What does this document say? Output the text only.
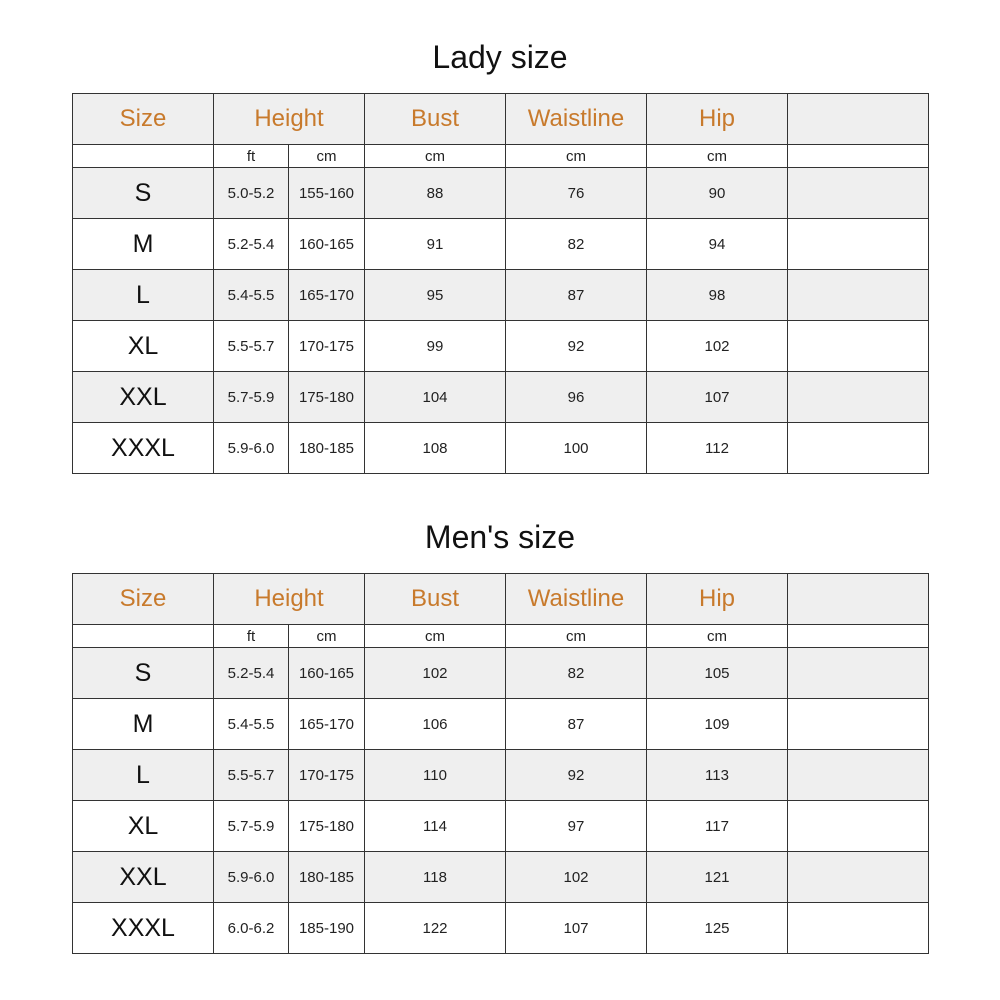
Lady size
Size	Height		Bust	Waistline	Hip	
	ft	cm	cm	cm	cm	
S	5.0-5.2	155-160	88	76	90	
M	5.2-5.4	160-165	91	82	94	
L	5.4-5.5	165-170	95	87	98	
XL	5.5-5.7	170-175	99	92	102	
XXL	5.7-5.9	175-180	104	96	107	
XXXL	5.9-6.0	180-185	108	100	112	
Men's size
Size	Height		Bust	Waistline	Hip	
	ft	cm	cm	cm	cm	
S	5.2-5.4	160-165	102	82	105	
M	5.4-5.5	165-170	106	87	109	
L	5.5-5.7	170-175	110	92	113	
XL	5.7-5.9	175-180	114	97	117	
XXL	5.9-6.0	180-185	118	102	121	
XXXL	6.0-6.2	185-190	122	107	125	
